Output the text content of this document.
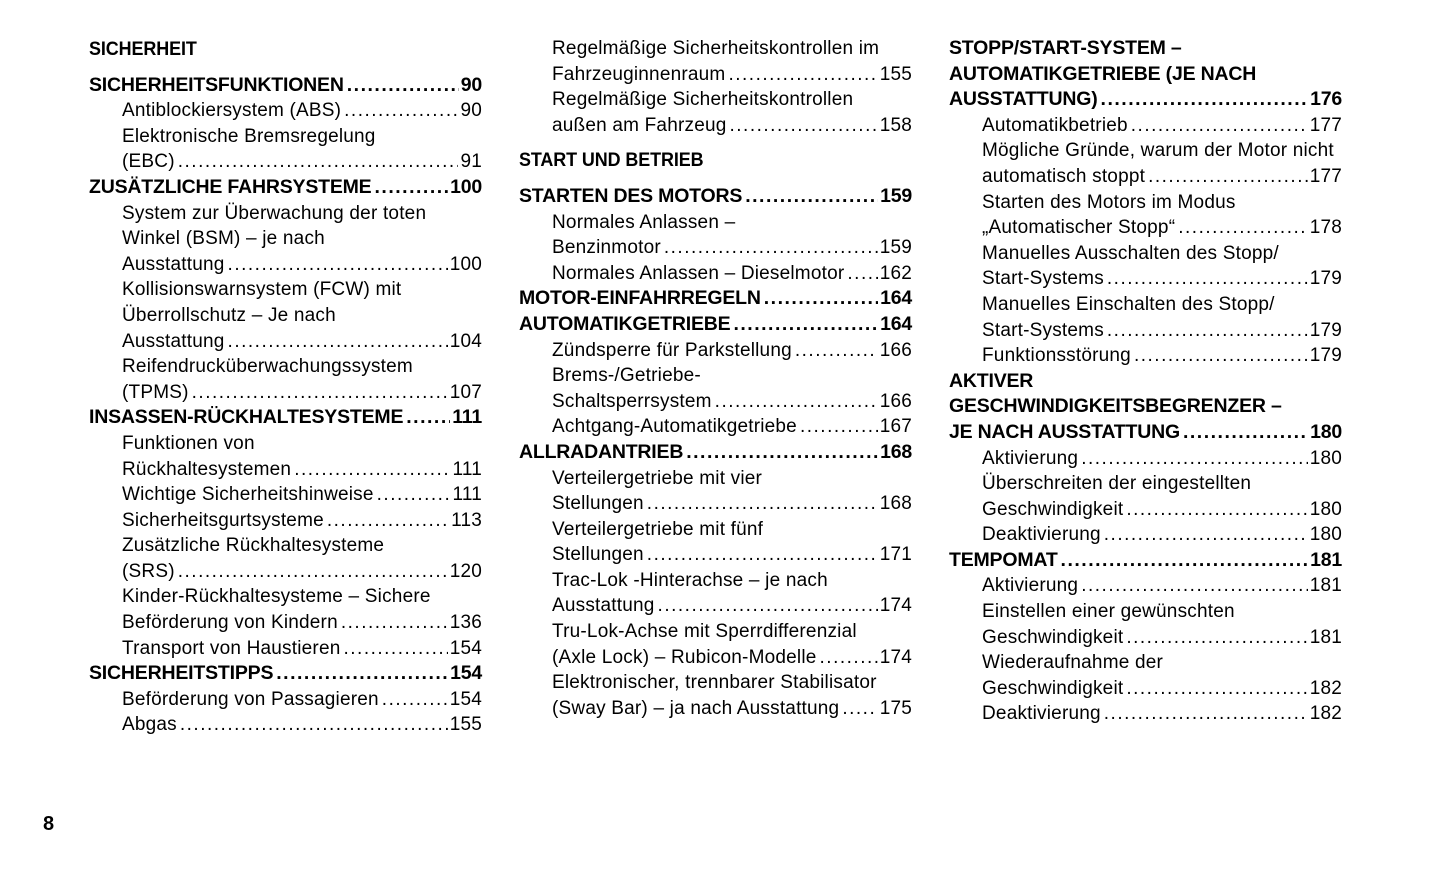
SICHERHEIT
SICHERHEITSFUNKTIONEN .....	90
Antiblockiersystem (ABS) .....	90
Elektronische Bremsregelung
(EBC) .....	91
ZUSÄTZLICHE FAHRSYSTEME .....	100
System zur Überwachung der toten
Winkel (BSM) – je nach
Ausstattung .....	100
Kollisionswarnsystem (FCW) mit
Überrollschutz – Je nach
Ausstattung .....	104
Reifendrucküberwachungssystem
(TPMS) .....	107
INSASSEN-RÜCKHALTESYSTEME .....	111
Funktionen von
Rückhaltesystemen .....	111
Wichtige Sicherheitshinweise .....	111
Sicherheitsgurtsysteme .....	113
Zusätzliche Rückhaltesysteme
(SRS) .....	120
Kinder-Rückhaltesysteme – Sichere
Beförderung von Kindern .....	136
Transport von Haustieren .....	154
SICHERHEITSTIPPS .....	154
Beförderung von Passagieren .....	154
Abgas .....	155
Regelmäßige Sicherheitskontrollen im
Fahrzeuginnenraum .....	155
Regelmäßige Sicherheitskontrollen
außen am Fahrzeug .....	158
START UND BETRIEB
STARTEN DES MOTORS .....	159
Normales Anlassen –
Benzinmotor .....	159
Normales Anlassen – Dieselmotor ..... 162
MOTOR-EINFAHRREGELN .....	164
AUTOMATIKGETRIEBE .....	164
Zündsperre für Parkstellung .....	166
Brems-/Getriebe-
Schaltsperrsystem .....	166
Achtgang-Automatikgetriebe .....	167
ALLRADANTRIEB .....	168
Verteilergetriebe mit vier
Stellungen .....	168
Verteilergetriebe mit fünf
Stellungen .....	171
Trac-Lok -Hinterachse – je nach
Ausstattung .....	174
Tru-Lok-Achse mit Sperrdifferenzial
(Axle Lock) – Rubicon-Modelle .....	174
Elektronischer, trennbarer Stabilisator
(Sway Bar) – ja nach Ausstattung ..... 175
STOPP/START-SYSTEM –
AUTOMATIKGETRIEBE (JE NACH
AUSSTATTUNG) .....	176
Automatikbetrieb .....	177
Mögliche Gründe, warum der Motor nicht
automatisch stoppt .....	177
Starten des Motors im Modus
„Automatischer Stopp“ .....	178
Manuelles Ausschalten des Stopp/
Start-Systems .....	179
Manuelles Einschalten des Stopp/
Start-Systems .....	179
Funktionsstörung .....	179
AKTIVER GESCHWINDIGKEITSBEGRENZER –
JE NACH AUSSTATTUNG .....	180
Aktivierung .....	180
Überschreiten der eingestellten
Geschwindigkeit .....	180
Deaktivierung .....	180
TEMPOMAT .....	181
Aktivierung .....	181
Einstellen einer gewünschten
Geschwindigkeit .....	181
Wiederaufnahme der
Geschwindigkeit .....	182
Deaktivierung .....	182
8
